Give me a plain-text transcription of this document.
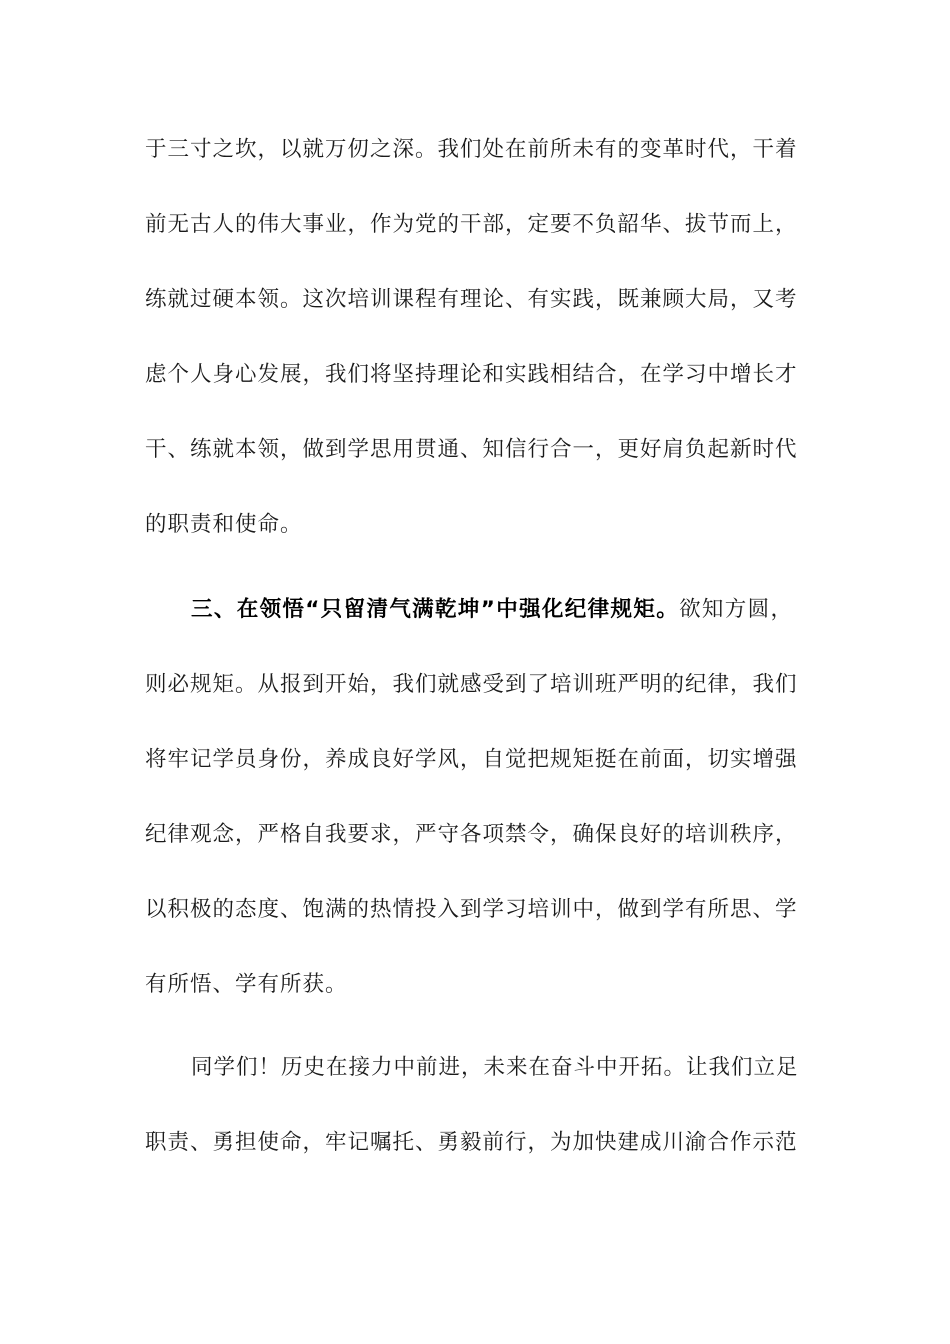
于三寸之坎，以就万仞之深。我们处在前所未有的变革时代，干着
前无古人的伟大事业，作为党的干部，定要不负韶华、拔节而上，
练就过硬本领。这次培训课程有理论、有实践，既兼顾大局，又考
虑个人身心发展，我们将坚持理论和实践相结合，在学习中增长才
干、练就本领，做到学思用贯通、知信行合一，更好肩负起新时代
的职责和使命。
三、在领悟“只留清气满乾坤”中强化纪律规矩。欲知方圆，
则必规矩。从报到开始，我们就感受到了培训班严明的纪律，我们
将牢记学员身份，养成良好学风，自觉把规矩挺在前面，切实增强
纪律观念，严格自我要求，严守各项禁令，确保良好的培训秩序，
以积极的态度、饱满的热情投入到学习培训中，做到学有所思、学
有所悟、学有所获。
同学们！历史在接力中前进，未来在奋斗中开拓。让我们立足
职责、勇担使命，牢记嘱托、勇毅前行，为加快建成川渝合作示范
